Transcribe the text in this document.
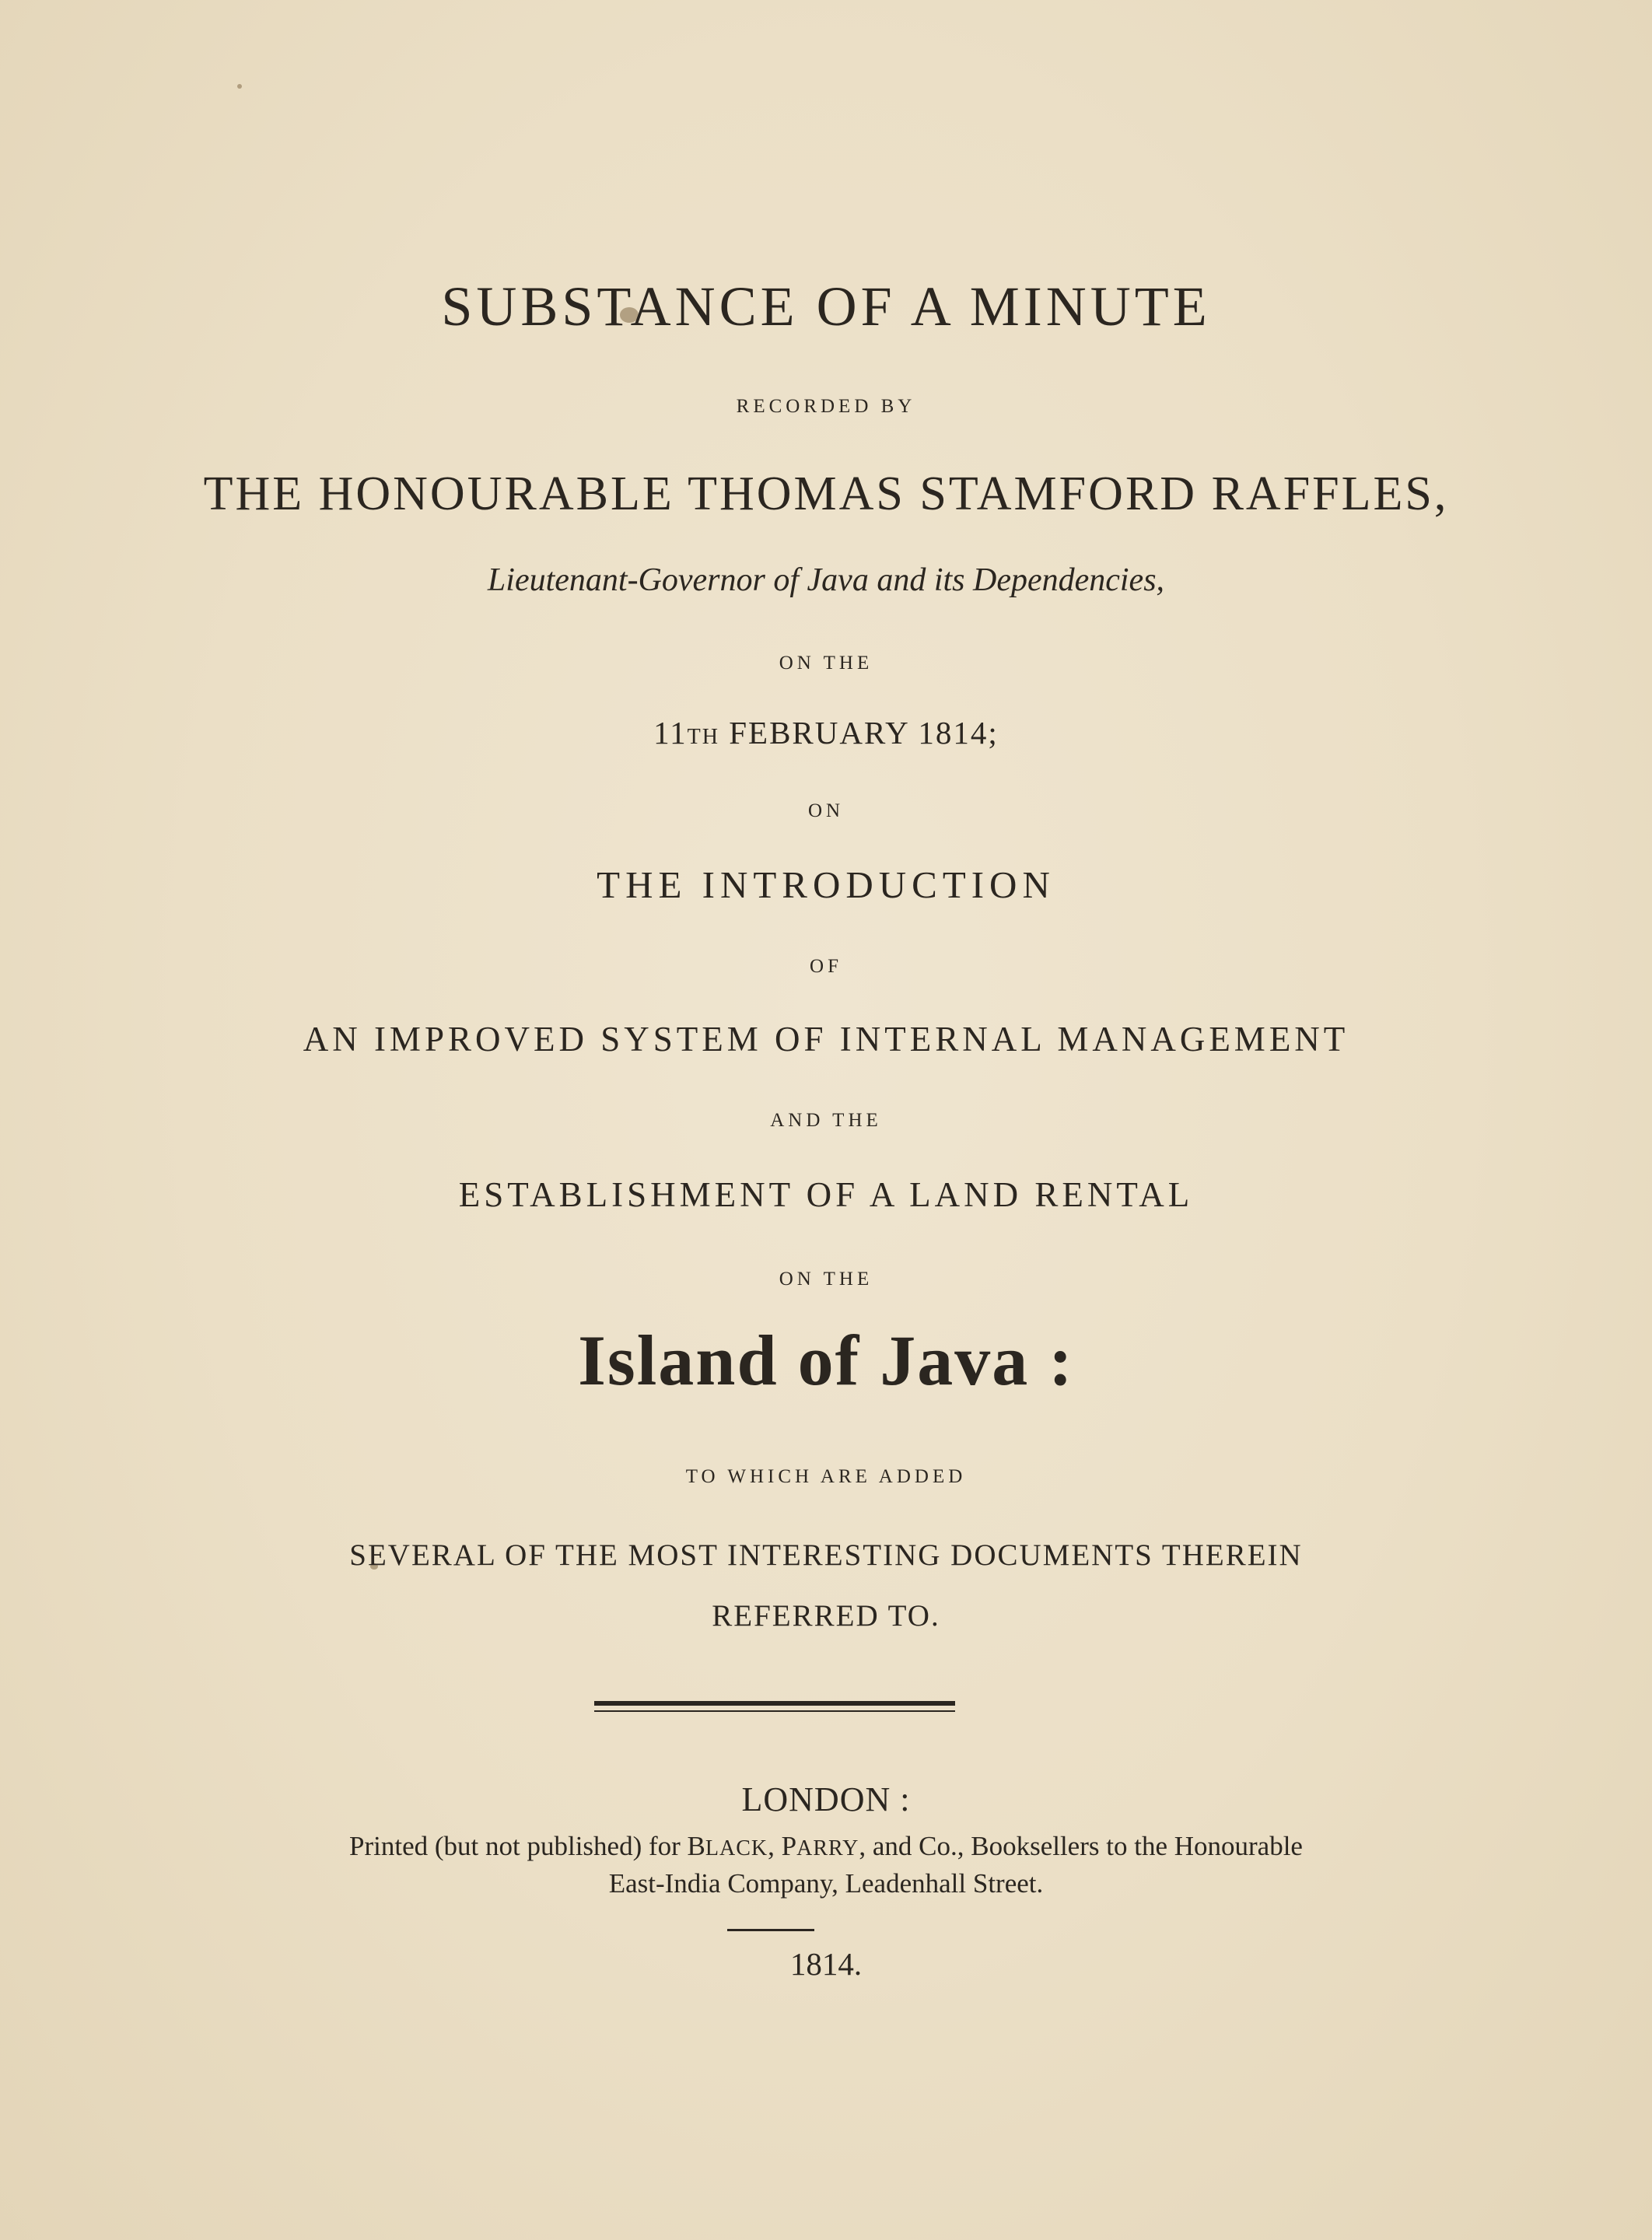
SUBSTANCE OF A MINUTE
RECORDED BY
THE HONOURABLE THOMAS STAMFORD RAFFLES,
Lieutenant-Governor of Java and its Dependencies,
ON THE
11TH FEBRUARY 1814;
ON
THE INTRODUCTION
OF
AN IMPROVED SYSTEM OF INTERNAL MANAGEMENT
AND THE
ESTABLISHMENT OF A LAND RENTAL
ON THE
Island of Java :
TO WHICH ARE ADDED
SEVERAL OF THE MOST INTERESTING DOCUMENTS THEREIN
REFERRED TO.
LONDON :
Printed (but not published) for BLACK, PARRY, and Co., Booksellers to the Honourable
East-India Company, Leadenhall Street.
1814.
